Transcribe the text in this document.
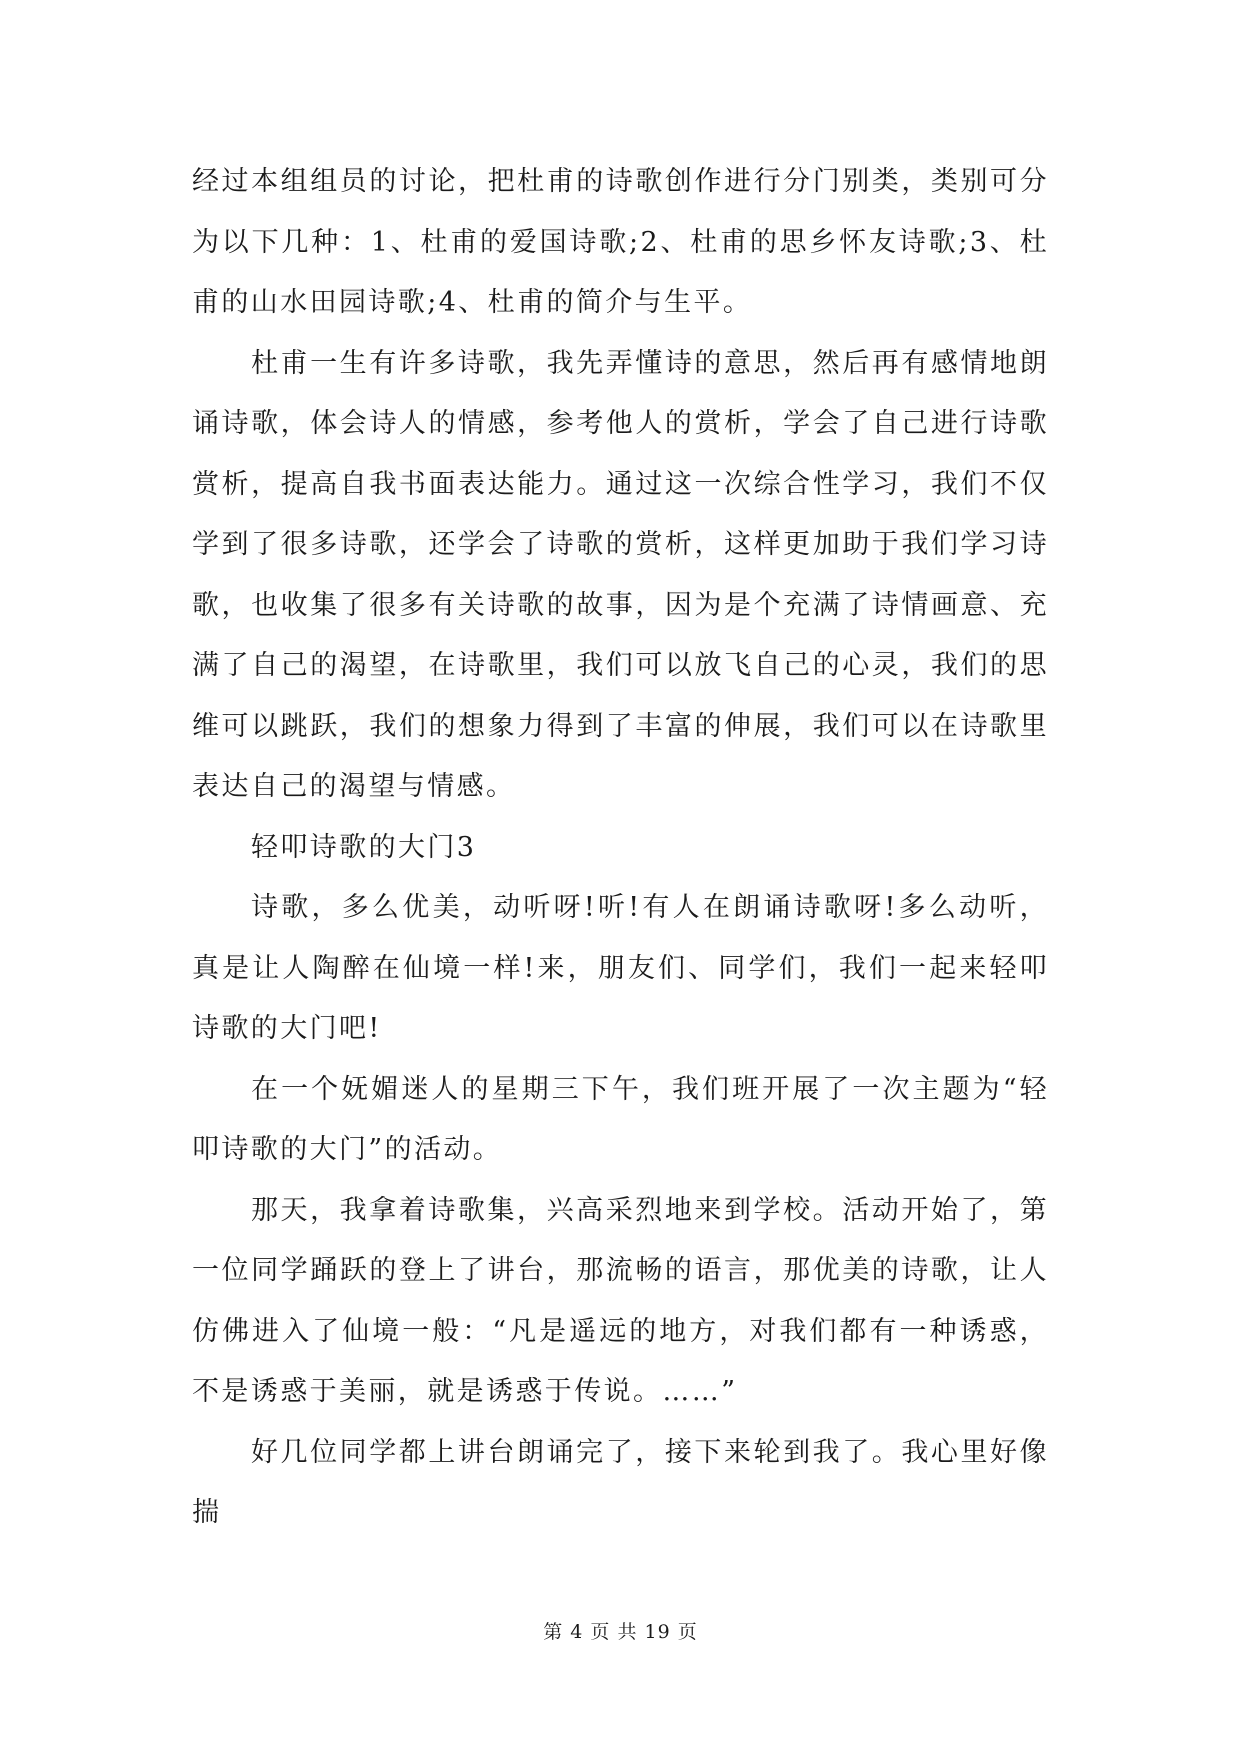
经过本组组员的讨论，把杜甫的诗歌创作进行分门别类，类别可分为以下几种：1、杜甫的爱国诗歌;2、杜甫的思乡怀友诗歌;3、杜甫的山水田园诗歌;4、杜甫的简介与生平。

杜甫一生有许多诗歌，我先弄懂诗的意思，然后再有感情地朗诵诗歌，体会诗人的情感，参考他人的赏析，学会了自己进行诗歌赏析，提高自我书面表达能力。通过这一次综合性学习，我们不仅学到了很多诗歌，还学会了诗歌的赏析，这样更加助于我们学习诗歌，也收集了很多有关诗歌的故事，因为是个充满了诗情画意、充满了自己的渴望，在诗歌里，我们可以放飞自己的心灵，我们的思维可以跳跃，我们的想象力得到了丰富的伸展，我们可以在诗歌里表达自己的渴望与情感。

轻叩诗歌的大门3

诗歌，多么优美，动听呀!听!有人在朗诵诗歌呀!多么动听，真是让人陶醉在仙境一样!来，朋友们、同学们，我们一起来轻叩诗歌的大门吧!

在一个妩媚迷人的星期三下午，我们班开展了一次主题为“轻叩诗歌的大门”的活动。

那天，我拿着诗歌集，兴高采烈地来到学校。活动开始了，第一位同学踊跃的登上了讲台，那流畅的语言，那优美的诗歌，让人仿佛进入了仙境一般：“凡是遥远的地方，对我们都有一种诱惑，不是诱惑于美丽，就是诱惑于传说。……”

好几位同学都上讲台朗诵完了，接下来轮到我了。我心里好像揣

第 4 页 共 19 页
